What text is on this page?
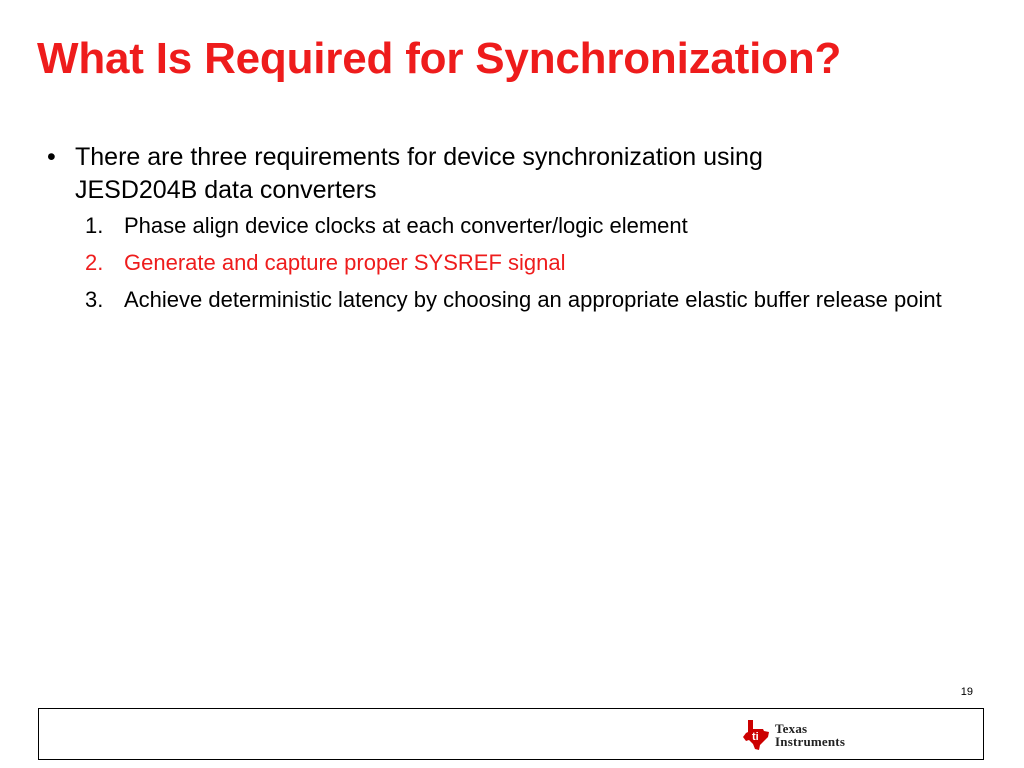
What Is Required for Synchronization?
• There are three requirements for device synchronization using JESD204B data converters
1. Phase align device clocks at each converter/logic element
2. Generate and capture proper SYSREF signal
3. Achieve deterministic latency by choosing an appropriate elastic buffer release point
19
ti
Texas
Instruments
